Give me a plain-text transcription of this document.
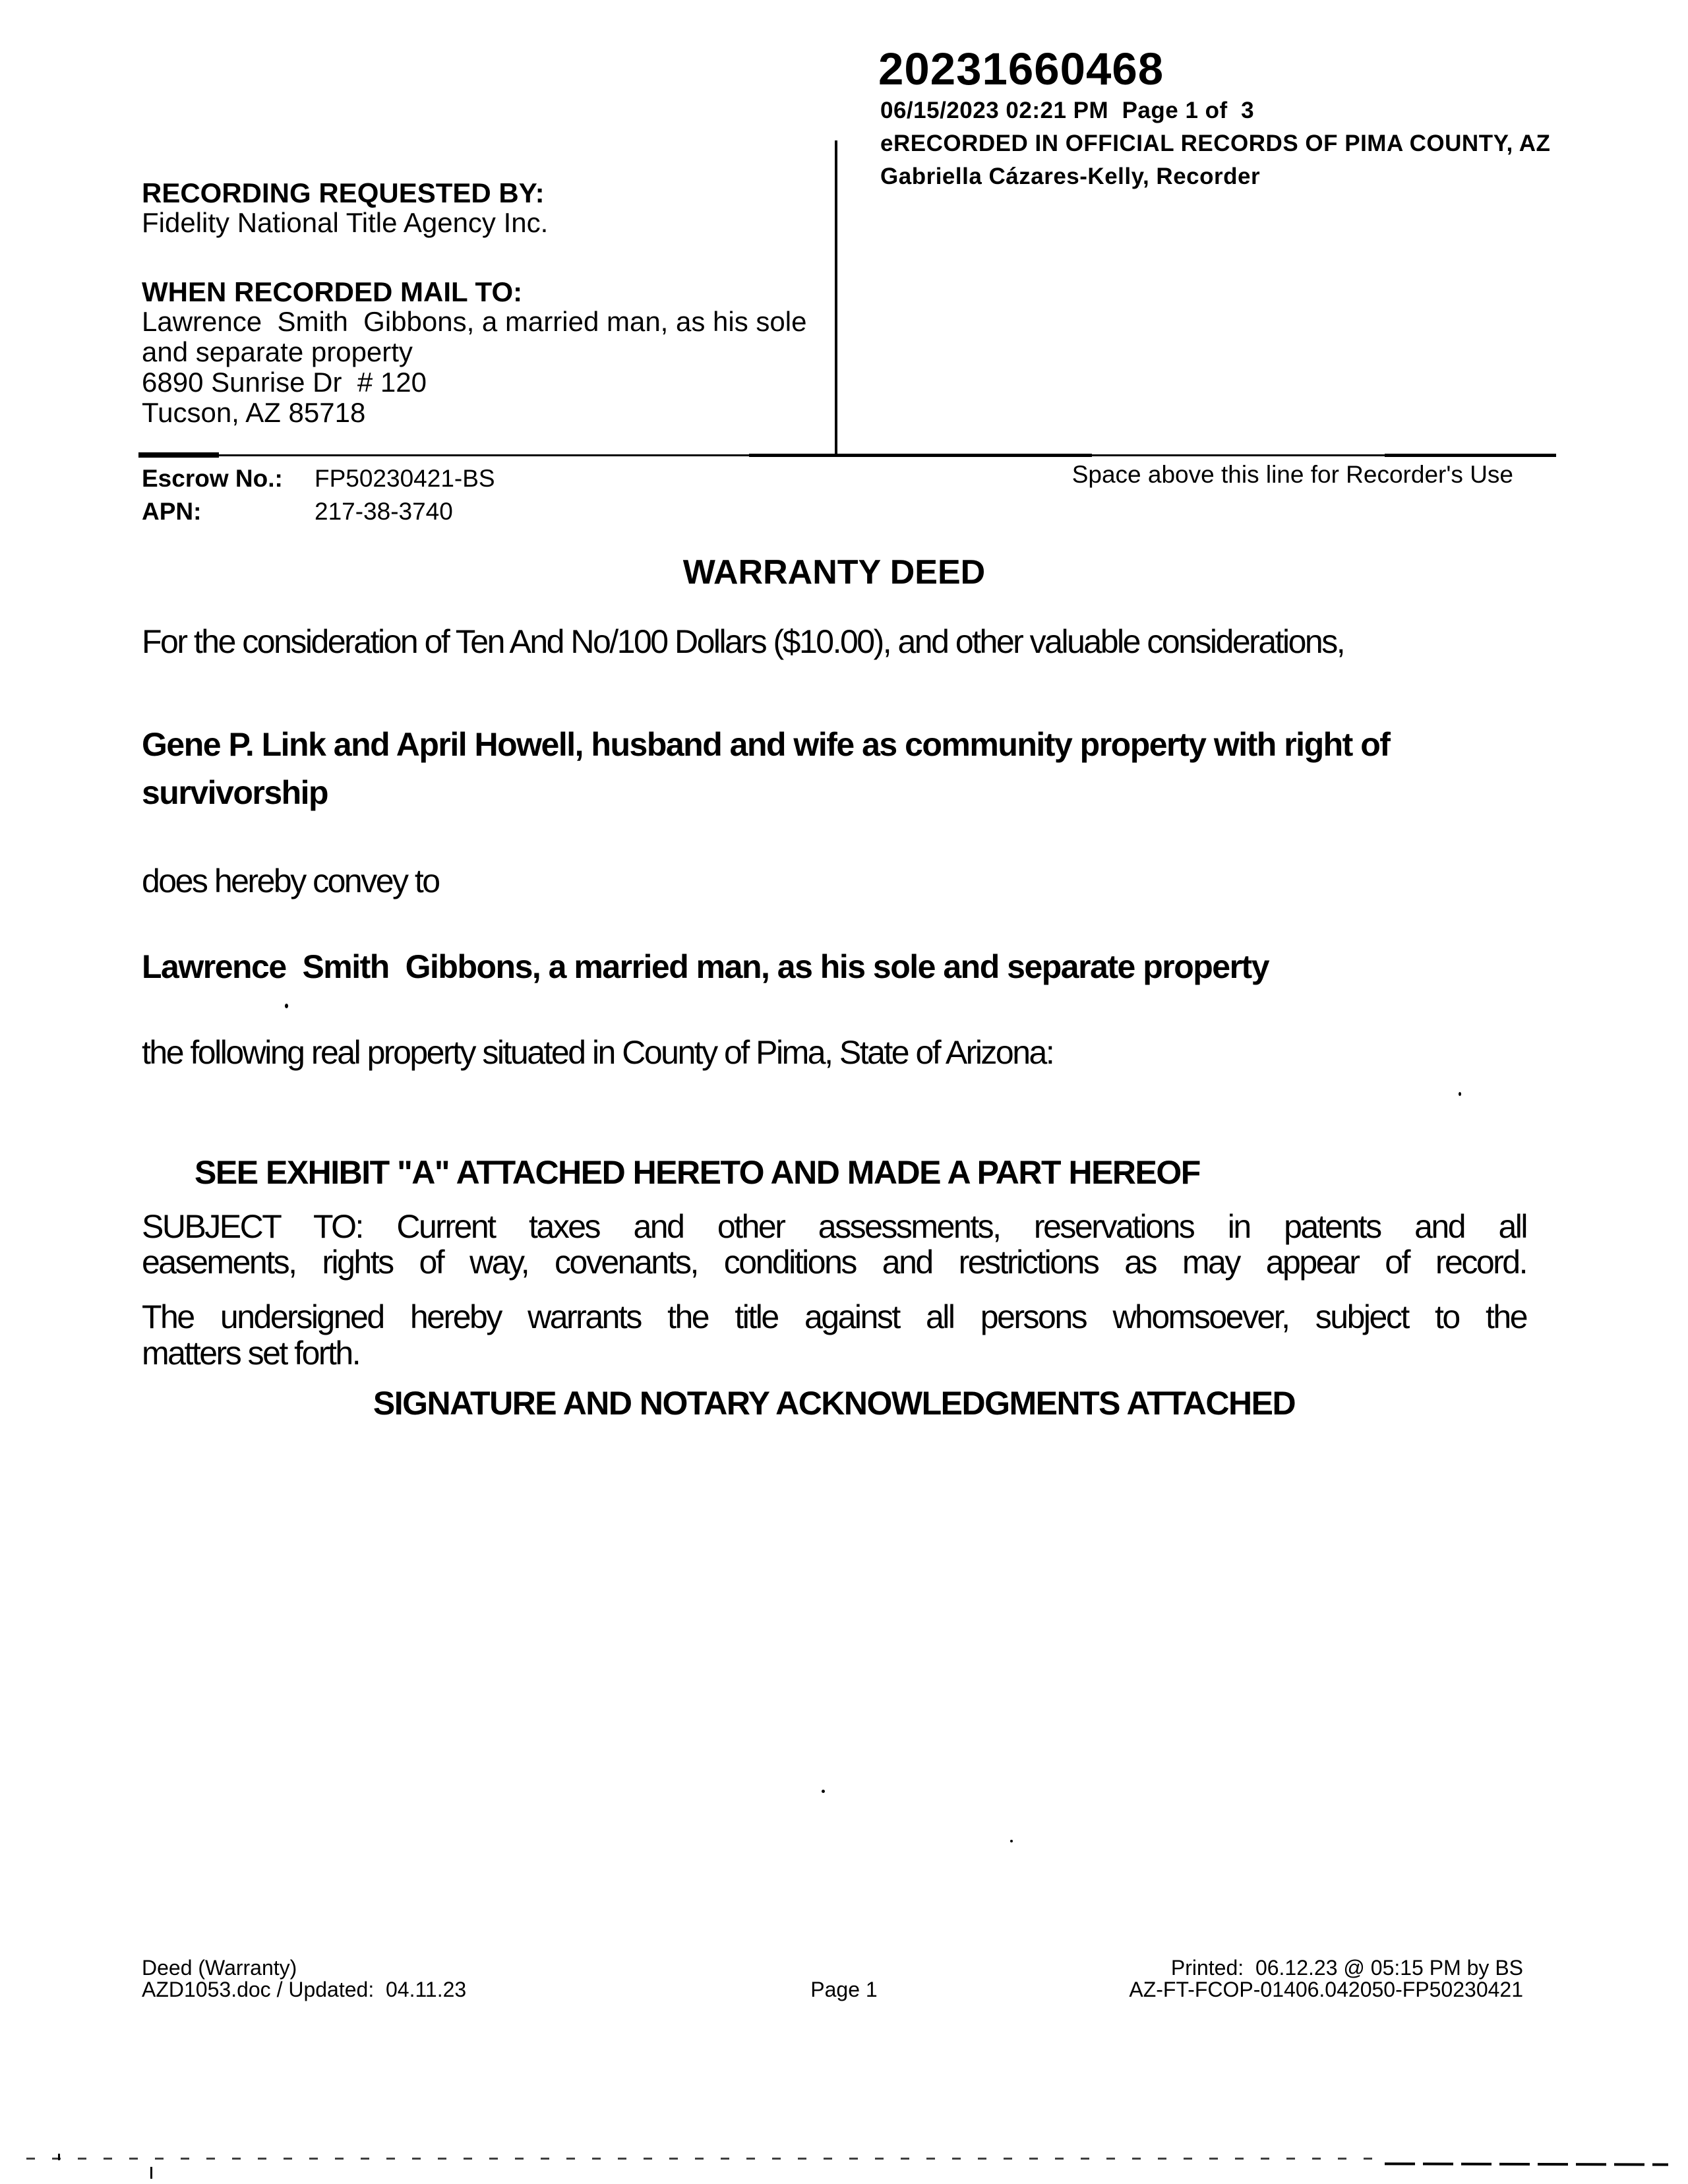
20231660468
06/15/2023 02:21 PM  Page 1 of  3
eRECORDED IN OFFICIAL RECORDS OF PIMA COUNTY, AZ
Gabriella Cázares-Kelly, Recorder
RECORDING REQUESTED BY:
Fidelity National Title Agency Inc.
WHEN RECORDED MAIL TO:
Lawrence  Smith  Gibbons, a married man, as his sole
and separate property
6890 Sunrise Dr  # 120
Tucson, AZ 85718
Escrow No.: FP50230421-BS	Space above this line for Recorder's Use
APN:	217-38-3740
WARRANTY DEED
For the consideration of Ten And No/100 Dollars ($10.00), and other valuable considerations,
Gene P. Link and April Howell, husband and wife as community property with right of
survivorship
does hereby convey to
Lawrence  Smith  Gibbons, a married man, as his sole and separate property
the following real property situated in County of Pima, State of Arizona:
SEE EXHIBIT "A" ATTACHED HERETO AND MADE A PART HEREOF
SUBJECT TO: Current taxes and other assessments, reservations in patents and all
easements, rights of way, covenants, conditions and restrictions as may appear of record.
The undersigned hereby warrants the title against all persons whomsoever, subject to the
matters set forth.
SIGNATURE AND NOTARY ACKNOWLEDGMENTS ATTACHED
Deed (Warranty)
AZD1053.doc / Updated:  04.11.23	Page 1
Printed:  06.12.23 @ 05:15 PM by BS
AZ-FT-FCOP-01406.042050-FP50230421
